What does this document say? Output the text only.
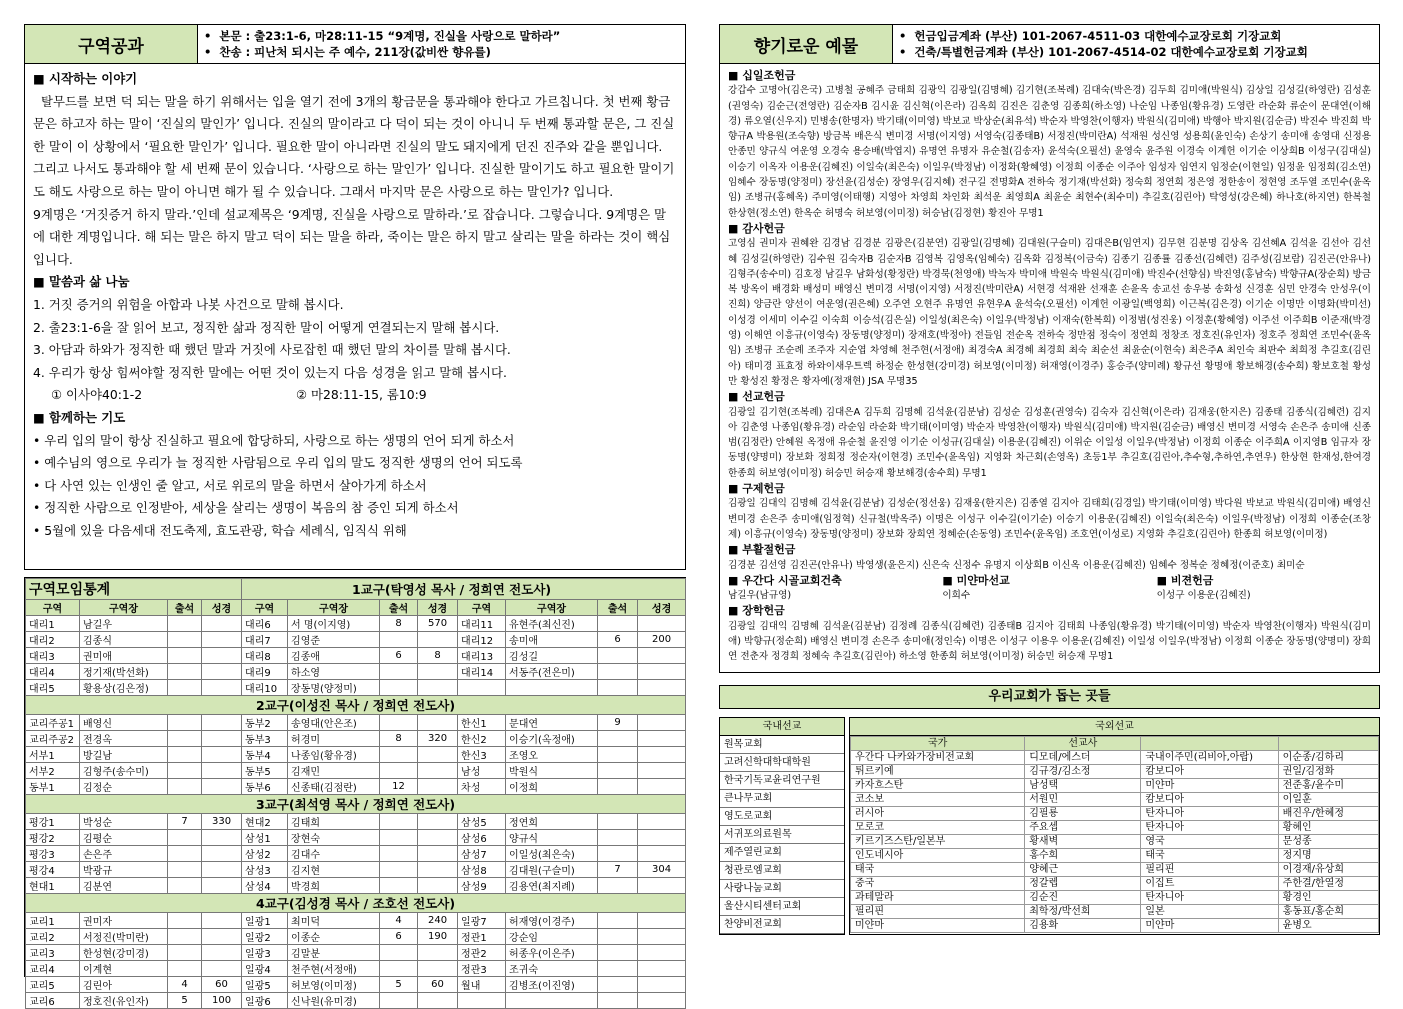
구역공과
•  본문 : 출23:1-6, 마28:11-15 “9계명, 진실을 사랑으로 말하라”
•  찬송 : 피난처 되시는 주 예수, 211장(값비싼 향유를)
■ 시작하는 이야기
탈무드를 보면 덕 되는 말을 하기 위해서는 입을 열기 전에 3개의 황금문을 통과해야 한다고 가르칩니다. 첫 번째 황금문은 하고자 하는 말이 ‘진실의 말인가’ 입니다. 진실의 말이라고 다 덕이 되는 것이 아니니 두 번째 통과할 문은, 그 진실한 말이 이 상황에서 ‘필요한 말인가’ 입니다. 필요한 말이 아니라면 진실의 말도 돼지에게 던진 진주와 같을 뿐입니다. 그리고 나서도 통과해야 할 세 번째 문이 있습니다. ‘사랑으로 하는 말인가’ 입니다. 진실한 말이기도 하고 필요한 말이기도 해도 사랑으로 하는 말이 아니면 해가 될 수 있습니다. 그래서 마지막 문은 사랑으로 하는 말인가? 입니다.
9계명은 ‘거짓증거 하지 말라.’인데 설교제목은 ‘9계명, 진실을 사랑으로 말하라.’로 잡습니다. 그렇습니다. 9계명은 말에 대한 계명입니다. 해 되는 말은 하지 말고 덕이 되는 말을 하라, 죽이는 말은 하지 말고 살리는 말을 하라는 것이 핵심입니다.
■ 말씀과 삶 나눔
1. 거짓 증거의 위험을 아합과 나봇 사건으로 말해 봅시다.
2. 출23:1-6을 잘 읽어 보고, 정직한 삶과 정직한 말이 어떻게 연결되는지 말해 봅시다.
3. 아담과 하와가 정직한 때 했던 말과 거짓에 사로잡힌 때 했던 말의 차이를 말해 봅시다.
4. 우리가 항상 힘써야할 정직한 말에는 어떤 것이 있는지 다음 성경을 읽고 말해 봅시다.
① 이사야40:1-2	② 마28:11-15, 롬10:9
■ 함께하는 기도
• 우리 입의 말이 항상 진실하고 필요에 합당하되, 사랑으로 하는 생명의 언어 되게 하소서
• 예수님의 영으로 우리가 늘 정직한 사람됨으로 우리 입의 말도 정직한 생명의 언어 되도록
• 다 사연 있는 인생인 줄 알고, 서로 위로의 말을 하면서 살아가게 하소서
• 정직한 사람으로 인정받아, 세상을 살리는 생명이 복음의 참 증인 되게 하소서
• 5월에 있을 다음세대 전도축제, 효도관광, 학습 세례식, 임직식 위해
구역모임통계				1교구(탁영성 목사 / 정희연 전도사)							
구역	구역장	출석	성경	구역	구역장	출석	성경	구역	구역장	출석	성경
대리1	남길우			대리6	서 명(이지영)	8	570	대리11	유현주(최신진)		
대리2	김종식			대리7	김영준			대리12	송미애	6	200
대리3	권미애			대리8	김종애	6	8	대리13	김성길		
대리4	정기재(박선화)			대리9	하소영			대리14	서동주(전은미)		
대리5	황용상(김은정)			대리10	장동명(양정미)						
2교구(이성진 목사 / 정희연 전도사)											
교리주공1	배영신			동부2	송영대(안은조)			한신1	문대연	9	
교리주공2	전경옥			동부3	허경미	8	320	한신2	이승기(옥정애)		
서부1	방길남			동부4	나종임(황유경)			한신3	조영오		
서부2	김형주(송수미)			동부5	김재민			남성	박원식		
동부1	김정순			동부6	신종태(김점란)	12		차성	이정희		
3교구(최석영 목사 / 정희연 전도사)											
평강1	박성순	7	330	현대2	김태희			삼성5	정연희		
평강2	김평순			삼성1	장현숙			삼성6	양규식		
평강3	손은주			삼성2	김대수			삼성7	이일성(최은숙)		
평강4	박광규			삼성3	김지현			삼성8	김대원(구슬미)	7	304
현대1	김분연			삼성4	박경희			삼성9	김용연(최지례)		
4교구(김성경 목사 / 조호선 전도사)											
교리1	권미자			일광1	최미덕	4	240	일광7	허재영(이경주)		
교리2	서정진(박미란)			일광2	이종순	6	190	정관1	강순임		
교리3	한성현(강미경)			일광3	김말분			정관2	허종우(이은주)		
교리4	이계현			일광4	천주현(서정애)			정관3	조귀숙		
교리5	김린아	4	60	일광5	허보영(이미정)	5	60	월내	김병조(이진영)		
교리6	정호진(유인자)	5	100	일광6	신낙원(유미경)						
향기로운 예물
•  헌금입금계좌 (부산) 101-2067-4511-03 대한예수교장로회 기장교회
•  건축/특별헌금계좌 (부산) 101-2067-4514-02 대한예수교장로회 기장교회
■ 십일조헌금
강갑수 고명아(김은국) 고병철 공혜주 금태희 김광익 김광일(김명혜) 김기현(조복례) 김대숙(박은경) 김두희 김미애(박원식) 김상일 김성길(하영란) 김성훈(권영숙) 김순근(전영란) 김순자B 김시윤 김신혁(이은라) 김옥희 김진은 김춘영 김종희(하소영) 나순임 나종임(황유경) 도영란 라순화 류순이 문대연(이해경) 류오열(신우지) 민병송(한명자) 박기태(이미영) 박보교 박상순(최유석) 박순자 박영찬(이행자) 박원식(김미애) 박행아 박지원(김순금) 박진수 박진희 박향규A 박용원(조숙향) 방금복 배은식 변미경 서명(이지영) 서영숙(김종태B) 서정진(박미란A) 석재원 성신영 성용희(윤인숙) 손상기 송미애 송영대 신정용 안종민 양규식 여운영 오경숙 용승배(박엽지) 유명연 유명자 유순철(김송자) 윤석숙(오필선) 윤영숙 윤주원 이경숙 이계헌 이기순 이상희B 이성구(김대실) 이승기 이옥자 이용운(김혜진) 이일숙(최은숙) 이일우(박정남) 이정화(황혜영) 이정희 이종순 이주아 임성자 임연지 임정순(이현일) 임정윤 임정희(김소연) 임혜수 장동명(양정미) 장선윤(김성순) 장영우(김지혜) 전구길 전명화A 전하숙 정기재(박선화) 정숙희 정연희 정은영 정한송이 정현영 조두열 조민수(윤옥임) 조병규(홍혜옥) 주미영(이태행) 지영아 차영희 차인화 최석운 최영희A 최윤순 최현수(최수미) 추길호(김린아) 탁영성(강은혜) 하나호(하지연) 한복철 한상현(정소연) 한옥순 허명숙 허보영(이미정) 허승남(김정현) 황진아 무명1
■ 감사헌금
고영심 권미자 권혜완 김경남 김경분 김광은(김분연) 김광일(김명혜) 김대원(구슬미) 김대은B(임연지) 김무현 김분명 김상옥 김선혜A 김석윤 김선아 김선혜 김성길(하영란) 김수원 김숙자B 김순자B 김영복 김영옥(임혜숙) 김옥화 김정복(이금숙) 김종기 김종률 김종선(김혜련) 김주성(김보람) 김진곤(안유나) 김형주(송수미) 김호정 남길우 남화성(황정란) 박경묵(천영애) 박녹자 박미애 박원숙 박원식(김미애) 박진수(선향심) 박진영(홍남숙) 박향규A(장순희) 방금복 방옥이 배경화 배성미 배영신 변미경 서명(이지영) 서정진(박미란A) 서현경 석재완 선재훈 손윤옥 송교선 송우봉 송화성 신경훈 심민 안경숙 안성우(이진희) 양금란 양선이 여운영(권은혜) 오주연 오현주 유명연 유현우A 윤석숙(오필선) 이계헌 이광일(백영희) 이근복(김은경) 이기순 이명만 이명화(박미선) 이성경 이세미 이수길 이숙희 이승석(김은실) 이일성(최은숙) 이일우(박정남) 이재숙(한복희) 이정범(성진웅) 이정훈(황혜영) 이주선 이주희B 이준재(박경영) 이해연 이흥규(이영숙) 장동명(양정미) 장재호(박정아) 전들임 전순옥 전하숙 정만점 정숙이 정연희 정창조 정호진(유인자) 정호주 정희연 조민수(윤옥임) 조병규 조순례 조주자 지순엽 차영혜 천주현(서정애) 최경숙A 최경혜 최경희 최숙 최순선 최윤순(이현숙) 최은주A 최인숙 최판수 최희정 추길호(김린아) 태미경 표효정 하와이새우트렉 하정순 한성현(강미경) 허보영(이미정) 허재영(이경주) 홍승주(양미례) 황규선 황명애 황보해경(송수희) 황보호철 황성만 황성진 황정은 황자예(정재현) JSA 무명35
■ 선교헌금
김광일 김기현(조복례) 김대은A 김두희 김명혜 김석윤(김분남) 김성순 김성훈(권영숙) 김숙자 김신혁(이은라) 김재웅(한지은) 김종태 김종식(김혜련) 김지아 김춘영 나종임(황유경) 라순임 라순화 박기태(이미영) 박순자 박영찬(이행자) 박원식(김미애) 박지원(김순금) 배영신 변미경 서영숙 손은주 송미애 신종범(김정란) 안혜원 옥정애 유순철 윤진영 이기순 이성규(김대실) 이용운(김혜진) 이위순 이일성 이일우(박정남) 이정희 이종순 이주희A 이지영B 임규자 장동명(양명미) 장보화 정희정 정순자(이현경) 조민수(윤옥임) 지영화 차근회(손영옥) 초등1부 추길호(김린아,추수형,추하연,추연우) 한상현 한재성,한여경 한종희 허보영(이미정) 허승민 허승재 황보해경(송수희) 무명1
■ 구제헌금
김광일 김대익 김명혜 김석윤(김분남) 김성순(정선웅) 김재웅(한지은) 김종열 김지아 김태희(김경일) 박기태(이미영) 박다원 박보교 박원식(김미애) 배영신 변미경 손은주 송미애(임정혁) 신규철(박옥주) 이명은 이성구 이수길(이기순) 이승기 이용운(김혜진) 이일숙(최은숙) 이일우(박정남) 이정희 이종순(조창제) 이흥규(이영숙) 장동명(양정미) 장보화 장희연 정혜순(손동영) 조민수(윤옥임) 조호연(이성로) 지영화 추길호(김린아) 한종희 허보영(이미정)
■ 부활절헌금
김경분 김선영 김진곤(안유나) 박영생(윤은지) 신은숙 신정수 유명지 이상희B 이신옥 이용운(김혜진) 임혜수 정복순 정혜정(이준호) 최미순
■ 우간다 시골교회건축	■ 미얀마선교	■ 비젼헌금
남길우(남규영)	이희수	이성구 이용운(김혜진)
■ 장학헌금
김광일 김대익 김명혜 김석윤(김분남) 김정례 김종식(김혜련) 김종태B 김지아 김태희 나종임(황유경) 박기태(이미영) 박순자 박영찬(이행자) 박원식(김미애) 박향규(정순희) 배영신 변미경 손은주 송미애(정인숙) 이명은 이성구 이용우 이용운(김혜진) 이일성 이일우(박정남) 이정희 이종순 장동명(양명미) 장희연 전춘자 정경희 정혜숙 추길호(김린아) 하소영 한종희 허보영(이미정) 허승민 허승재 무명1
우리교회가 돕는 곳들
국내선교
원목교회
고려신학대학대학원
한국기독교윤리연구원
큰나무교회
영도로교회
서귀포의료원목
제주열린교회
청관로엠교회
사랑나눔교회
울산시티센터교회
찬양비전교회
국외선교
국가	선교사		
우간다 나카와가장비전교회	디모데/에스더	국내이주민(리비아,아랍)	이순종/김하리
튀르키예	김규경/김소정	캄보디아	권일/김정화
카자흐스탄	남성택	미얀마	전준홍/윤수미
코소보	서원민	캄보디아	이일훈
러시아	김필룡	탄자니아	배진우/한혜정
모로코	주요셉	탄자니아	황혜인
키르기즈스탄/일본부	황새벽	영국	문성종
인도네시아	홍수희	태국	정지명
태국	양혜근	필리핀	이경재/유상희
중국	정갈렙	이집트	주한결/한열정
과테말라	김순진	탄자니아	황경인
필리핀	최학정/박선희	일본	홍동표/홍순희
미얀마	김용화	미얀마	윤병오
